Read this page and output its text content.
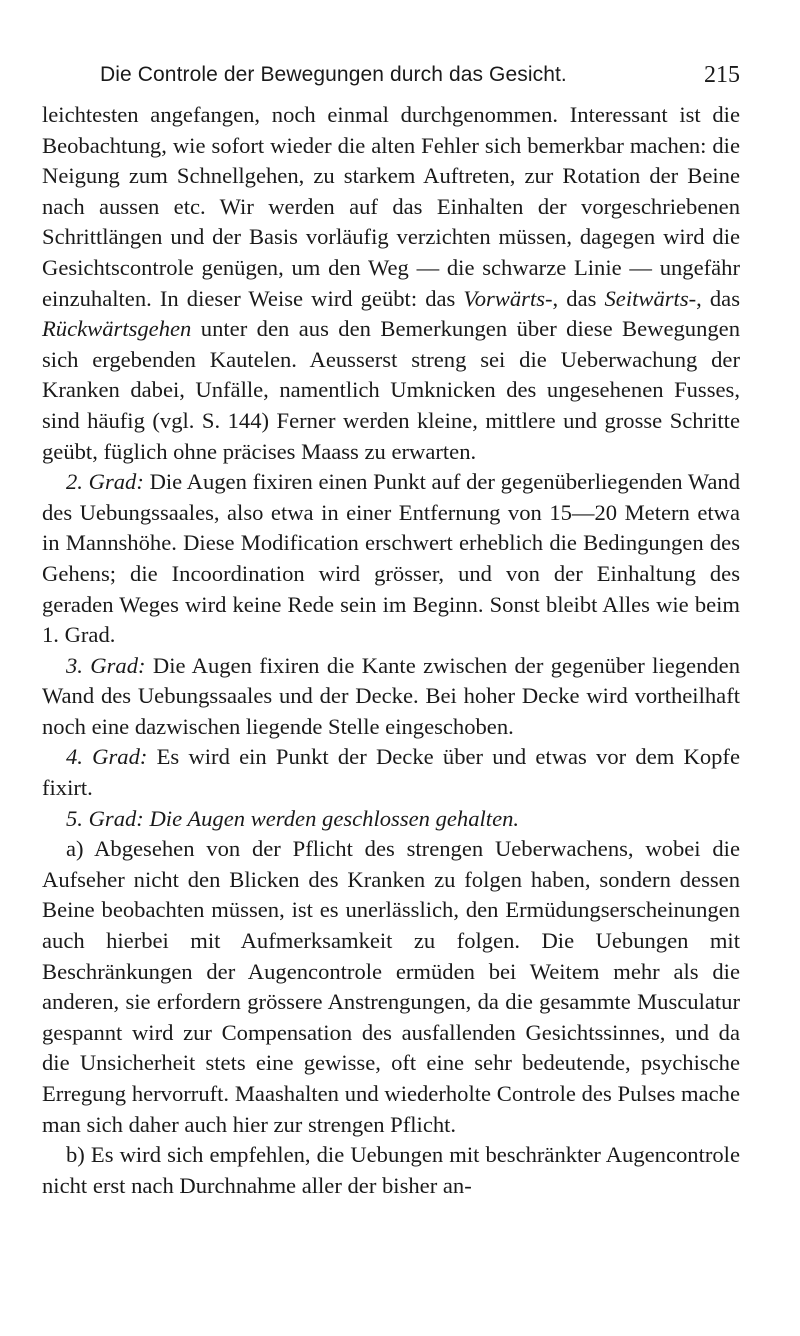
Die Controle der Bewegungen durch das Gesicht.	215

leichtesten angefangen, noch einmal durchgenommen. Interessant ist die Beobachtung, wie sofort wieder die alten Fehler sich bemerkbar machen: die Neigung zum Schnellgehen, zu starkem Auftreten, zur Rotation der Beine nach aussen etc. Wir werden auf das Einhalten der vorgeschriebenen Schrittlängen und der Basis vorläufig verzichten müssen, dagegen wird die Gesichtscontrole genügen, um den Weg — die schwarze Linie — ungefähr einzuhalten. In dieser Weise wird geübt: das Vorwärts-, das Seitwärts-, das Rückwärtsgehen unter den aus den Bemerkungen über diese Bewegungen sich ergebenden Kautelen. Aeusserst streng sei die Ueberwachung der Kranken dabei, Unfälle, namentlich Umknicken des ungesehenen Fusses, sind häufig (vgl. S. 144) Ferner werden kleine, mittlere und grosse Schritte geübt, füglich ohne präcises Maass zu erwarten.

2. Grad: Die Augen fixiren einen Punkt auf der gegenüberliegenden Wand des Uebungssaales, also etwa in einer Entfernung von 15—20 Metern etwa in Mannshöhe. Diese Modification erschwert erheblich die Bedingungen des Gehens; die Incoordination wird grösser, und von der Einhaltung des geraden Weges wird keine Rede sein im Beginn. Sonst bleibt Alles wie beim 1. Grad.

3. Grad: Die Augen fixiren die Kante zwischen der gegenüber liegenden Wand des Uebungssaales und der Decke. Bei hoher Decke wird vortheilhaft noch eine dazwischen liegende Stelle eingeschoben.

4. Grad: Es wird ein Punkt der Decke über und etwas vor dem Kopfe fixirt.

5. Grad: Die Augen werden geschlossen gehalten.

a) Abgesehen von der Pflicht des strengen Ueberwachens, wobei die Aufseher nicht den Blicken des Kranken zu folgen haben, sondern dessen Beine beobachten müssen, ist es unerlässlich, den Ermüdungserscheinungen auch hierbei mit Aufmerksamkeit zu folgen. Die Uebungen mit Beschränkungen der Augencontrole ermüden bei Weitem mehr als die anderen, sie erfordern grössere Anstrengungen, da die gesammte Musculatur gespannt wird zur Compensation des ausfallenden Gesichtssinnes, und da die Unsicherheit stets eine gewisse, oft eine sehr bedeutende, psychische Erregung hervorruft. Maashalten und wiederholte Controle des Pulses mache man sich daher auch hier zur strengen Pflicht.

b) Es wird sich empfehlen, die Uebungen mit beschränkter Augencontrole nicht erst nach Durchnahme aller der bisher an-
